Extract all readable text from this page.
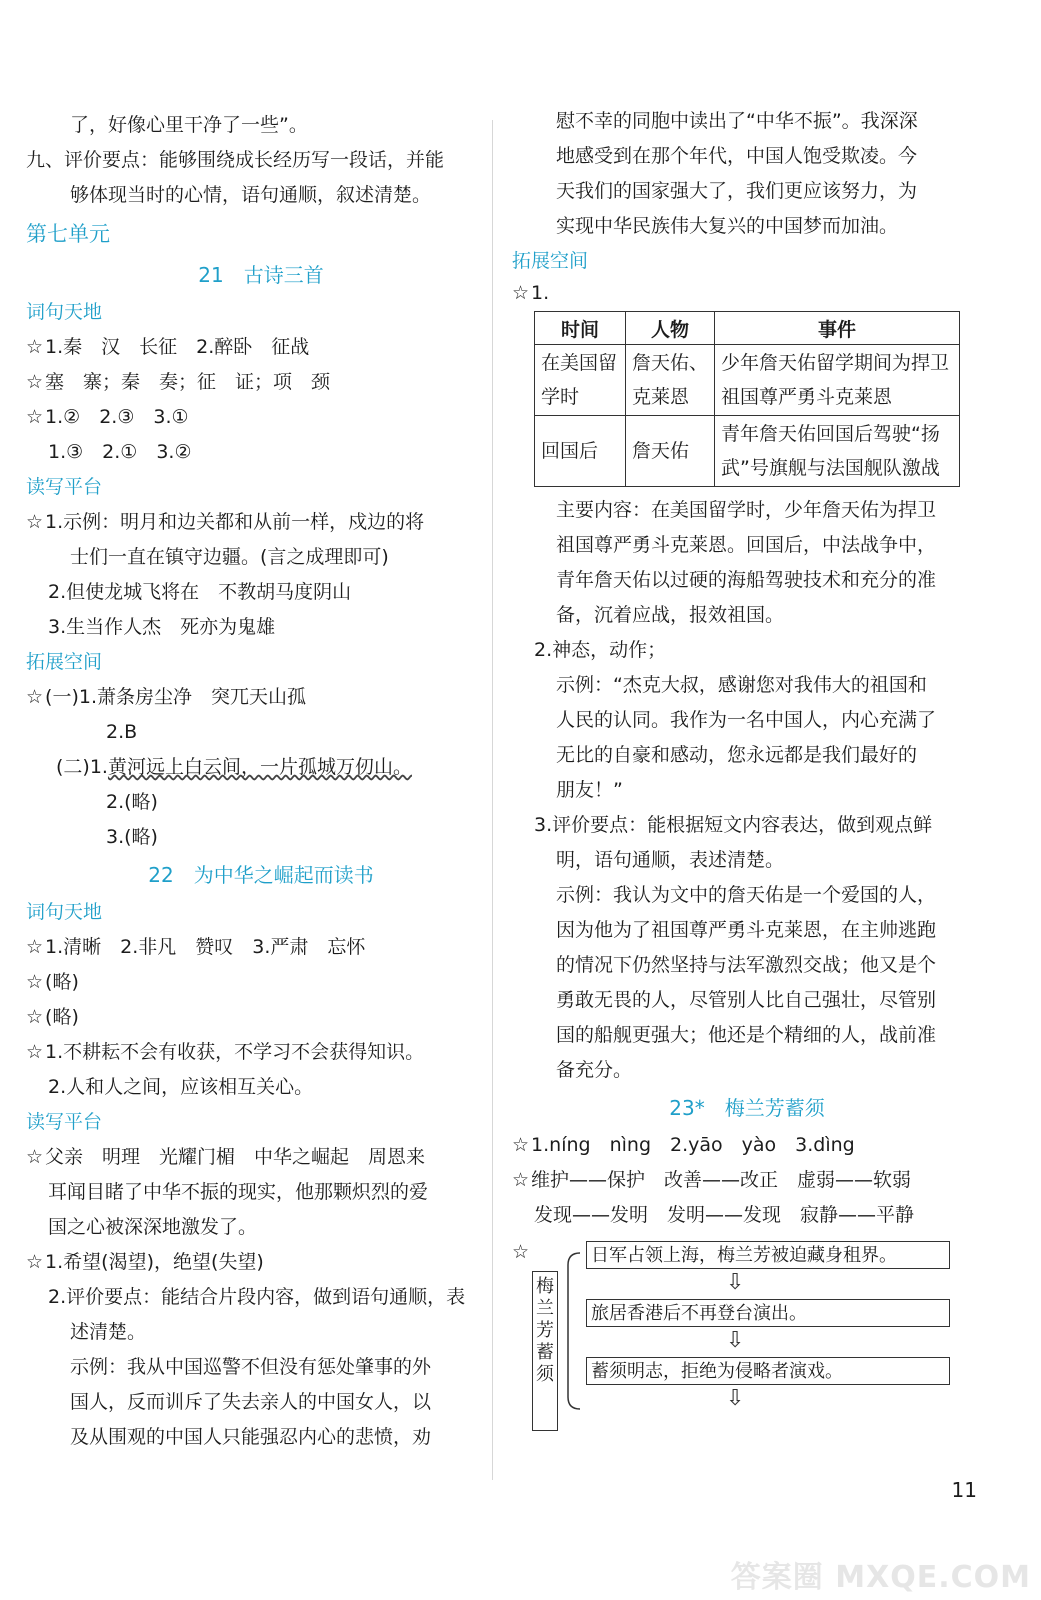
了，好像心里干净了一些”。
九、评价要点：能够围绕成长经历写一段话，并能
够体现当时的心情，语句通顺，叙述清楚。
第七单元
21　古诗三首
词句天地
☆ 1.秦　汉　长征　2.醉卧　征战
☆ 塞　寨；秦　奏；征　证；项　颈
☆ 1.②　2.③　3.①
1.③　2.①　3.②
读写平台
☆ 1.示例：明月和边关都和从前一样，戍边的将
士们一直在镇守边疆。(言之成理即可)
2.但使龙城飞将在　不教胡马度阴山
3.生当作人杰　死亦为鬼雄
拓展空间
☆ (一)1.萧条房尘净　突兀天山孤
2.B
(二)1.黄河远上白云间，一片孤城万仞山。
2.(略)
3.(略)
22　为中华之崛起而读书
词句天地
☆ 1.清晰　2.非凡　赞叹　3.严肃　忘怀
☆ (略)
☆ (略)
☆ 1.不耕耘不会有收获，不学习不会获得知识。
2.人和人之间，应该相互关心。
读写平台
☆ 父亲　明理　光耀门楣　中华之崛起　周恩来
耳闻目睹了中华不振的现实，他那颗炽烈的爱
国之心被深深地激发了。
☆ 1.希望(渴望)，绝望(失望)
2.评价要点：能结合片段内容，做到语句通顺，表
述清楚。
示例：我从中国巡警不但没有惩处肇事的外
国人，反而训斥了失去亲人的中国女人，以
及从围观的中国人只能强忍内心的悲愤，劝
慰不幸的同胞中读出了“中华不振”。我深深
地感受到在那个年代，中国人饱受欺凌。今
天我们的国家强大了，我们更应该努力，为
实现中华民族伟大复兴的中国梦而加油。
拓展空间
☆ 1.
时间	人物	事件
在美国留学时	詹天佑、克莱恩	少年詹天佑留学期间为捍卫祖国尊严勇斗克莱恩
回国后	詹天佑	青年詹天佑回国后驾驶“扬武”号旗舰与法国舰队激战
主要内容：在美国留学时，少年詹天佑为捍卫
祖国尊严勇斗克莱恩。回国后，中法战争中，
青年詹天佑以过硬的海船驾驶技术和充分的准
备，沉着应战，报效祖国。
2.神态，动作；
示例：“杰克大叔，感谢您对我伟大的祖国和
人民的认同。我作为一名中国人，内心充满了
无比的自豪和感动，您永远都是我们最好的
朋友！”
3.评价要点：能根据短文内容表达，做到观点鲜
明，语句通顺，表述清楚。
示例：我认为文中的詹天佑是一个爱国的人，
因为他为了祖国尊严勇斗克莱恩，在主帅逃跑
的情况下仍然坚持与法军激烈交战；他又是个
勇敢无畏的人，尽管别人比自己强壮，尽管别
国的船舰更强大；他还是个精细的人，战前准
备充分。
23*　梅兰芳蓄须
☆ 1.níng　nìng　2.yāo　yào　3.dìng
☆ 维护——保护　改善——改正　虚弱——软弱
发现——发明　发明——发现　寂静——平静
☆
梅兰芳蓄须
日军占领上海，梅兰芳被迫藏身租界。
⇩
旅居香港后不再登台演出。
⇩
蓄须明志，拒绝为侵略者演戏。
⇩
11
答案圈 MXQE.COM
